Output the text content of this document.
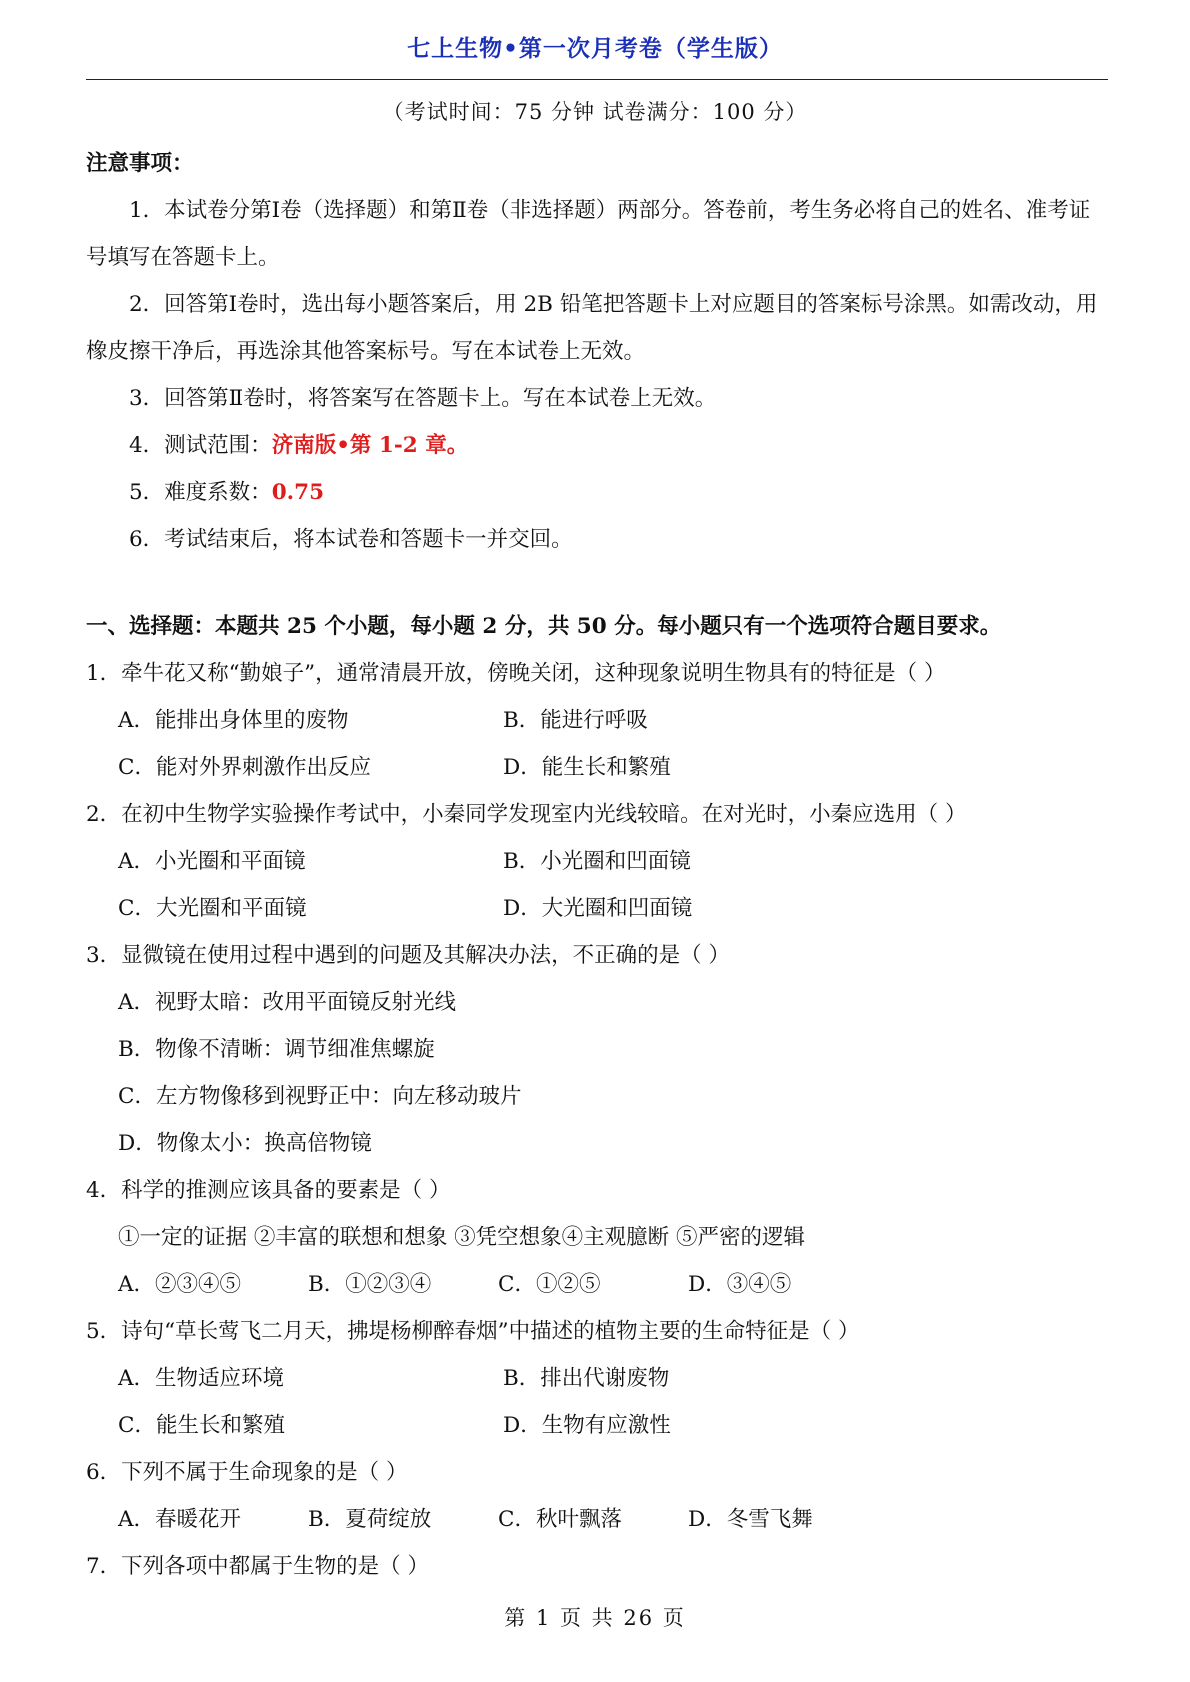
七上生物•第一次月考卷（学生版）
（考试时间：75 分钟 试卷满分：100 分）

注意事项：

1．本试卷分第Ⅰ卷（选择题）和第Ⅱ卷（非选择题）两部分。答卷前，考生务必将自己的姓名、准考证号填写在答题卡上。

2．回答第Ⅰ卷时，选出每小题答案后，用 2B 铅笔把答题卡上对应题目的答案标号涂黑。如需改动，用橡皮擦干净后，再选涂其他答案标号。写在本试卷上无效。

3．回答第Ⅱ卷时，将答案写在答题卡上。写在本试卷上无效。

4．测试范围：济南版•第 1-2 章。

5．难度系数：0.75

6．考试结束后，将本试卷和答题卡一并交回。

一、选择题：本题共 25 个小题，每小题 2 分，共 50 分。每小题只有一个选项符合题目要求。

1．牵牛花又称“勤娘子”，通常清晨开放，傍晚关闭，这种现象说明生物具有的特征是（ ）

A．能排出身体里的废物	B．能进行呼吸
C．能对外界刺激作出反应	D．能生长和繁殖

2．在初中生物学实验操作考试中，小秦同学发现室内光线较暗。在对光时，小秦应选用（ ）

A．小光圈和平面镜	B．小光圈和凹面镜
C．大光圈和平面镜	D．大光圈和凹面镜

3．显微镜在使用过程中遇到的问题及其解决办法，不正确的是（ ）

A．视野太暗：改用平面镜反射光线
B．物像不清晰：调节细准焦螺旋
C．左方物像移到视野正中：向左移动玻片
D．物像太小：换高倍物镜

4．科学的推测应该具备的要素是（ ）

①一定的证据 ②丰富的联想和想象 ③凭空想象④主观臆断 ⑤严密的逻辑
A．②③④⑤	B．①②③④	C．①②⑤	D．③④⑤

5．诗句“草长莺飞二月天，拂堤杨柳醉春烟”中描述的植物主要的生命特征是（ ）

A．生物适应环境	B．排出代谢废物
C．能生长和繁殖	D．生物有应激性

6．下列不属于生命现象的是（ ）

A．春暖花开	B．夏荷绽放	C．秋叶飘落	D．冬雪飞舞

7．下列各项中都属于生物的是（ ）

第 1 页 共 26 页
